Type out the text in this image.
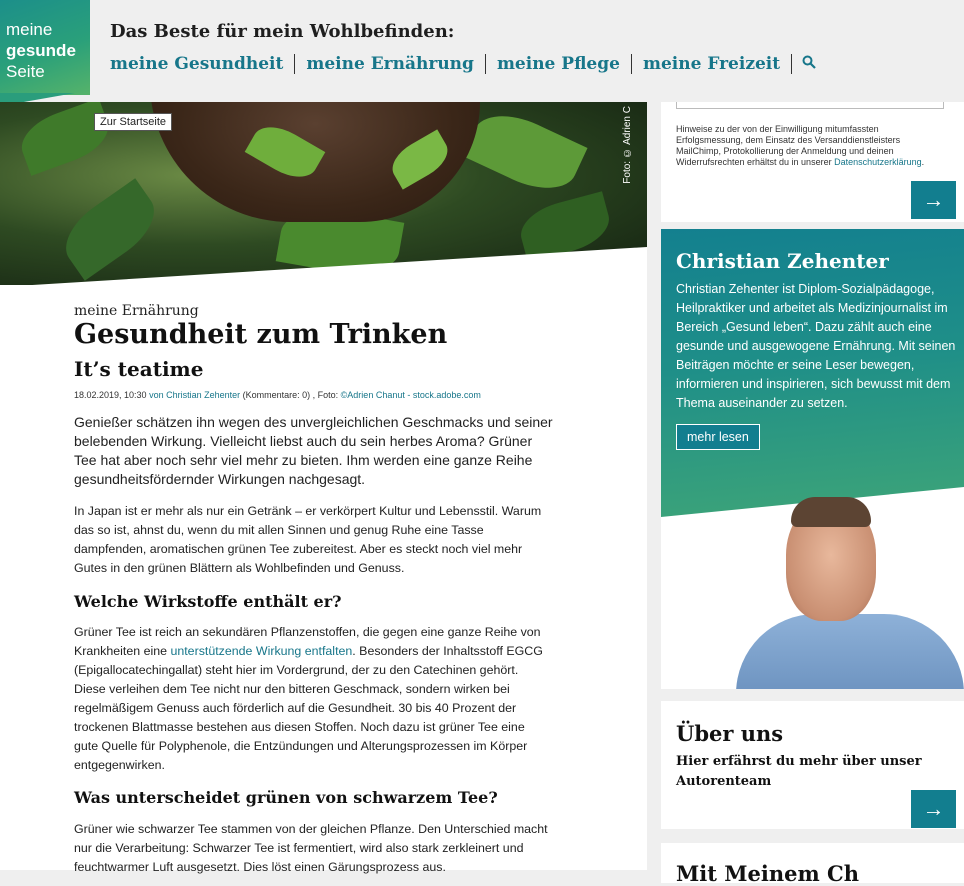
meine
gesunde
Seite
Das Beste für mein Wohlbefinden:
meine Gesundheit	meine Ernährung	meine Pflege	meine Freizeit
Foto: © Adrien C
Zur Startseite
meine Ernährung
Gesundheit zum Trinken
It’s teatime
18.02.2019, 10:30 von Christian Zehenter (Kommentare: 0) , Foto: ©Adrien Chanut - stock.adobe.com

Genießer schätzen ihn wegen des unvergleichlichen Geschmacks und seiner belebenden Wirkung. Vielleicht liebst auch du sein herbes Aroma? Grüner Tee hat aber noch sehr viel mehr zu bieten. Ihm werden eine ganze Reihe gesundheitsfördernder Wirkungen nachgesagt.

In Japan ist er mehr als nur ein Getränk – er verkörpert Kultur und Lebensstil. Warum das so ist, ahnst du, wenn du mit allen Sinnen und genug Ruhe eine Tasse dampfenden, aromatischen grünen Tee zubereitest. Aber es steckt noch viel mehr Gutes in den grünen Blättern als Wohlbefinden und Genuss.

Welche Wirkstoffe enthält er?

Grüner Tee ist reich an sekundären Pflanzenstoffen, die gegen eine ganze Reihe von Krankheiten eine unterstützende Wirkung entfalten. Besonders der Inhaltsstoff EGCG (Epigallocatechingallat) steht hier im Vordergrund, der zu den Catechinen gehört. Diese verleihen dem Tee nicht nur den bitteren Geschmack, sondern wirken bei regelmäßigem Genuss auch förderlich auf die Gesundheit. 30 bis 40 Prozent der trockenen Blattmasse bestehen aus diesen Stoffen. Noch dazu ist grüner Tee eine gute Quelle für Polyphenole, die Entzündungen und Alterungsprozessen im Körper entgegenwirken.

Was unterscheidet grünen von schwarzem Tee?

Grüner wie schwarzer Tee stammen von der gleichen Pflanze. Den Unterschied macht nur die Verarbeitung: Schwarzer Tee ist fermentiert, wird also stark zerkleinert und feuchtwarmer Luft ausgesetzt. Dies löst einen Gärungsprozess aus.

Hinweise zu der von der Einwilligung mitumfassten Erfolgsmessung, dem Einsatz des Versanddienstleisters MailChimp, Protokollierung der Anmeldung und deinen Widerrufsrechten erhältst du in unserer Datenschutzerklärung.
→
Christian Zehenter
Christian Zehenter ist Diplom-Sozialpädagoge, Heilpraktiker und arbeitet als Medizinjournalist im Bereich „Gesund leben“. Dazu zählt auch eine gesunde und ausgewogene Ernährung. Mit seinen Beiträgen möchte er seine Leser bewegen, informieren und inspirieren, sich bewusst mit dem Thema auseinander zu setzen.
mehr lesen
Über uns

Hier erfährst du mehr über unser Autorenteam

→
Mit Meinem Ch
